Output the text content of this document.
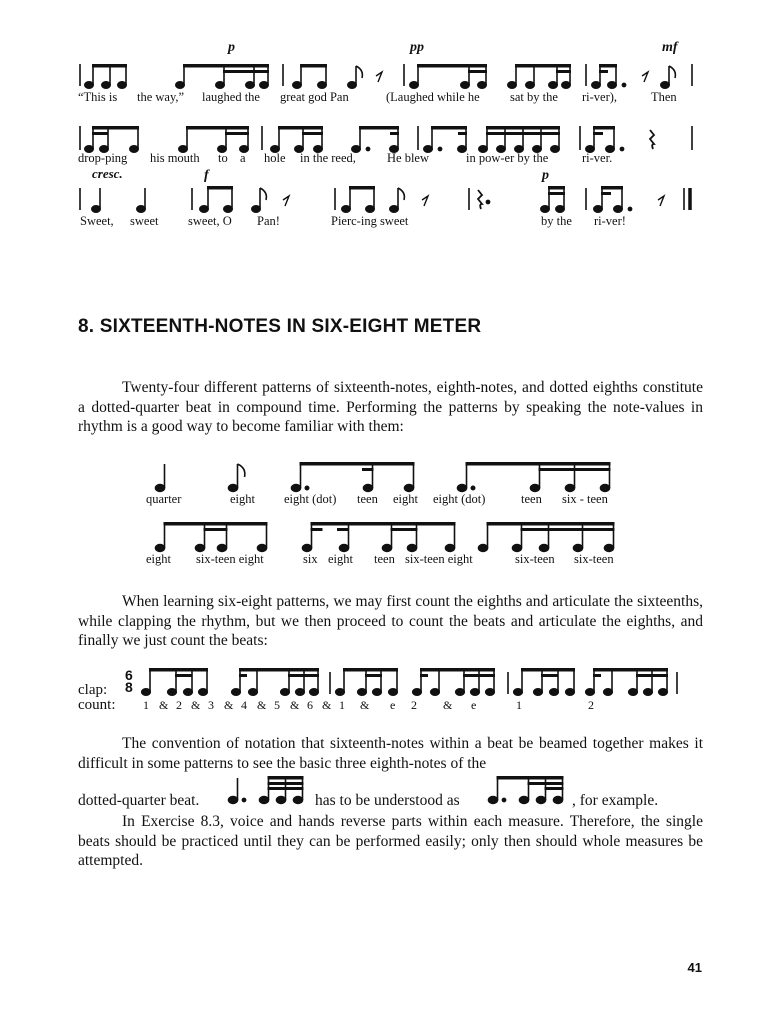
p	pp	mf
“This is the way,” laughed the great god Pan	(Laughed while he sat by the ri-ver),	Then
drop-ping his mouth to a hole in the reed, He blew	in pow-er by the	ri-ver.
cresc.	f	p
Sweet, sweet sweet, O Pan!	Pierc-ing sweet	by the ri-ver!
8. SIXTEENTH-NOTES IN SIX-EIGHT METER
Twenty-four different patterns of sixteenth-notes, eighth-notes, and dotted eighths constitute a dotted-quarter beat in compound time. Performing the patterns by speaking the note-values in rhythm is a good way to become familiar with them:
quarter	eight eight (dot) teen eight eight (dot)	teen six - teen
eight six-teen eight	six eight teen six-teen eight	six-teen six-teen
When learning six-eight patterns, we may first count the eighths and articulate the sixteenths, while clapping the rhythm, but we then proceed to count the beats and articulate the eighths, and finally we just count the beats:
clap:
count:
6
8
1 & 2 & 3 & 4 & 5 & 6 & 1 & e 2 & e	1	2
The convention of notation that sixteenth-notes within a beat be beamed together makes it difficult in some patterns to see the basic three eighth-notes of the
dotted-quarter beat.	has to be understood as	, for example.
In Exercise 8.3, voice and hands reverse parts within each measure. Therefore, the single beats should be practiced until they can be performed easily; only then should whole measures be attempted.
41
